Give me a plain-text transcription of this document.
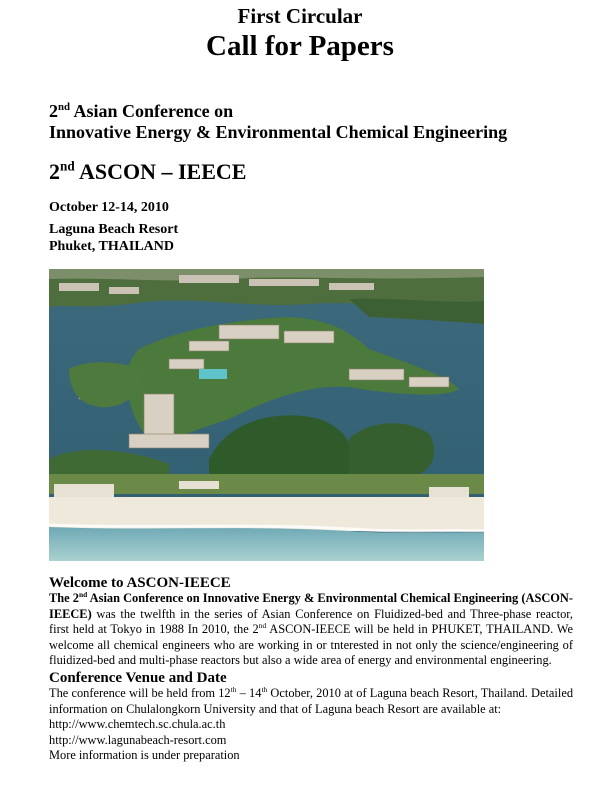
First Circular
Call for Papers
2nd Asian Conference on
Innovative Energy & Environmental Chemical Engineering
2nd ASCON – IEECE
October 12-14, 2010
Laguna Beach Resort
Phuket, THAILAND
Welcome to ASCON-IEECE
The 2nd Asian Conference on Innovative Energy & Environmental Chemical Engineering (ASCON-IEECE) was the twelfth in the series of Asian Conference on Fluidized-bed and Three-phase reactor, first held at Tokyo in 1988 In 2010, the 2nd ASCON-IEECE will be held in PHUKET, THAILAND. We welcome all chemical engineers who are working in or tnterested in not only the science/engineering of fluidized-bed and multi-phase reactors but also a wide area of energy and environmental engineering.
Conference Venue and Date
The conference will be held from 12th – 14th October, 2010 at of Laguna beach Resort, Thailand. Detailed information on Chulalongkorn University and that of Laguna beach Resort are available at:
http://www.chemtech.sc.chula.ac.th
http://www.lagunabeach-resort.com
More information is under preparation
